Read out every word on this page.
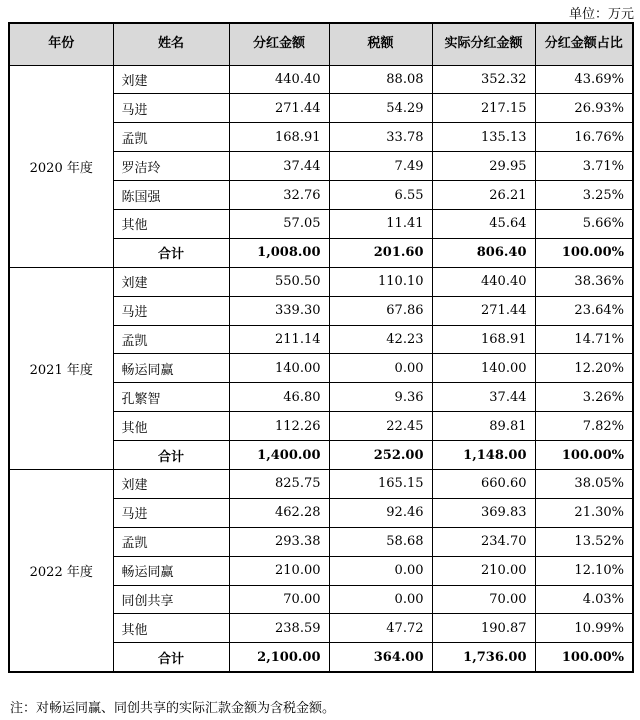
单位：万元
年份	姓名	分红金额	税额	实际分红金额	分红金额占比
2020 年度	刘建	440.40	88.08	352.32	43.69%
	马进	271.44	54.29	217.15	26.93%
	孟凯	168.91	33.78	135.13	16.76%
	罗洁玲	37.44	7.49	29.95	3.71%
	陈国强	32.76	6.55	26.21	3.25%
	其他	57.05	11.41	45.64	5.66%
	合计	1,008.00	201.60	806.40	100.00%
2021 年度	刘建	550.50	110.10	440.40	38.36%
	马进	339.30	67.86	271.44	23.64%
	孟凯	211.14	42.23	168.91	14.71%
	畅运同赢	140.00	0.00	140.00	12.20%
	孔繁智	46.80	9.36	37.44	3.26%
	其他	112.26	22.45	89.81	7.82%
	合计	1,400.00	252.00	1,148.00	100.00%
2022 年度	刘建	825.75	165.15	660.60	38.05%
	马进	462.28	92.46	369.83	21.30%
	孟凯	293.38	58.68	234.70	13.52%
	畅运同赢	210.00	0.00	210.00	12.10%
	同创共享	70.00	0.00	70.00	4.03%
	其他	238.59	47.72	190.87	10.99%
	合计	2,100.00	364.00	1,736.00	100.00%
注：对畅运同赢、同创共享的实际汇款金额为含税金额。
